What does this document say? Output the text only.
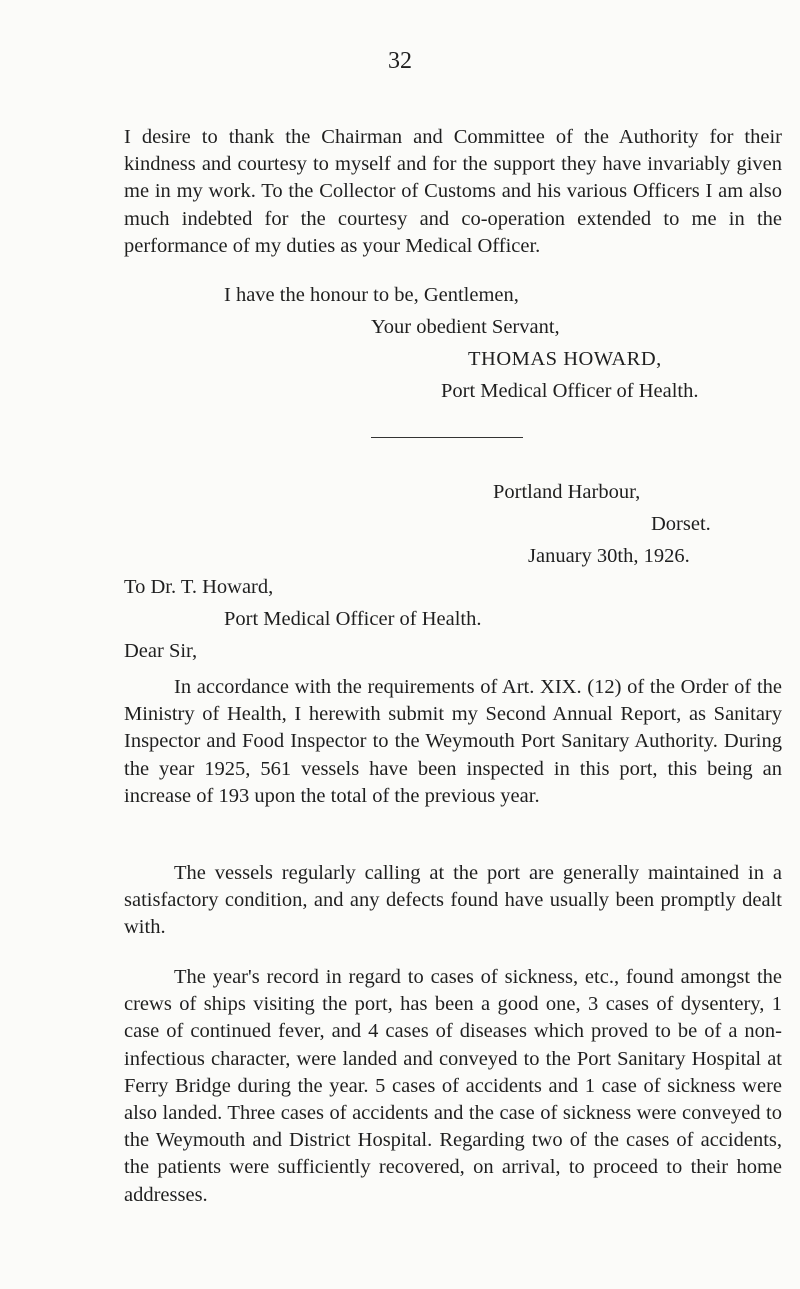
32

I desire to thank the Chairman and Committee of the Authority for their kindness and courtesy to myself and for the support they have invariably given me in my work. To the Collector of Customs and his various Officers I am also much indebted for the courtesy and co-operation extended to me in the performance of my duties as your Medical Officer.

I have the honour to be, Gentlemen,
Your obedient Servant,
THOMAS HOWARD,
Port Medical Officer of Health.
Portland Harbour,
Dorset.
January 30th, 1926.
To Dr. T. Howard,
Port Medical Officer of Health.
Dear Sir,

In accordance with the requirements of Art. XIX. (12) of the Order of the Ministry of Health, I herewith submit my Second Annual Report, as Sanitary Inspector and Food Inspector to the Weymouth Port Sanitary Authority. During the year 1925, 561 vessels have been inspected in this port, this being an increase of 193 upon the total of the previous year.

The vessels regularly calling at the port are generally maintained in a satisfactory condition, and any defects found have usually been promptly dealt with.

The year's record in regard to cases of sickness, etc., found amongst the crews of ships visiting the port, has been a good one, 3 cases of dysentery, 1 case of continued fever, and 4 cases of diseases which proved to be of a non-infectious character, were landed and conveyed to the Port Sanitary Hospital at Ferry Bridge during the year. 5 cases of accidents and 1 case of sickness were also landed. Three cases of accidents and the case of sickness were conveyed to the Weymouth and District Hospital. Regarding two of the cases of accidents, the patients were sufficiently recovered, on arrival, to proceed to their home addresses.
